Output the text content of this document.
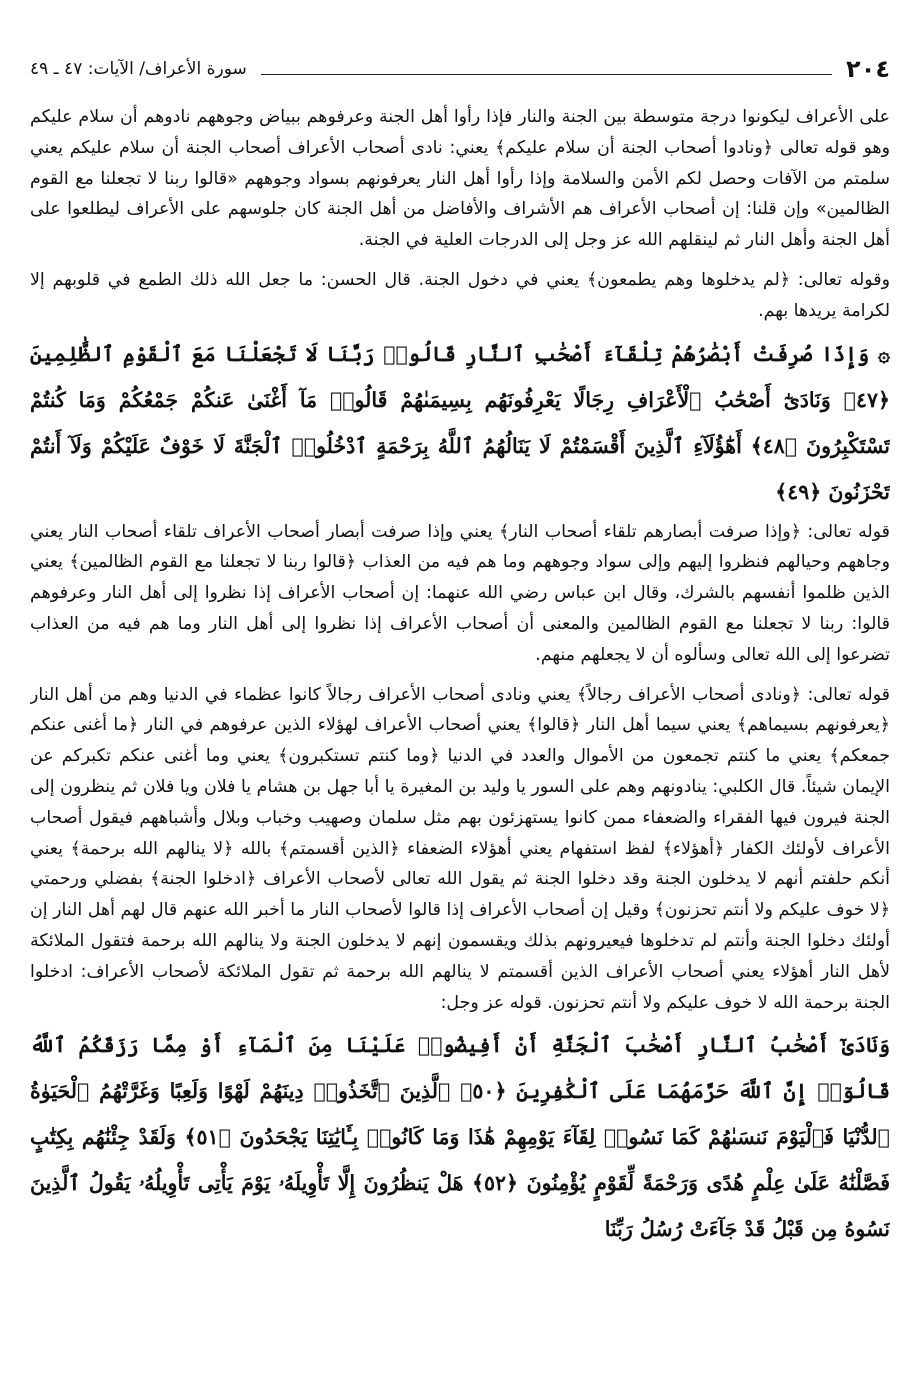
٢٠٤
سورة الأعراف/ الآيات: ٤٧ ـ ٤٩

على الأعراف ليكونوا درجة متوسطة بين الجنة والنار فإذا رأوا أهل الجنة وعرفوهم ببياض وجوههم نادوهم أن سلام عليكم وهو قوله تعالى ﴿ونادوا أصحاب الجنة أن سلام عليكم﴾ يعني: نادى أصحاب الأعراف أصحاب الجنة أن سلام عليكم يعني سلمتم من الآفات وحصل لكم الأمن والسلامة وإذا رأوا أهل النار يعرفونهم بسواد وجوههم «قالوا ربنا لا تجعلنا مع القوم الظالمين» وإن قلنا: إن أصحاب الأعراف هم الأشراف والأفاضل من أهل الجنة كان جلوسهم على الأعراف ليطلعوا على أهل الجنة وأهل النار ثم لينقلهم الله عز وجل إلى الدرجات العلية في الجنة.

وقوله تعالى: ﴿لم يدخلوها وهم يطمعون﴾ يعني في دخول الجنة. قال الحسن: ما جعل الله ذلك الطمع في قلوبهم إلا لكرامة يريدها بهم.

۞ وَإِذَا صُرِفَتْ أَبْصَٰرُهُمْ تِلْقَآءَ أَصْحَٰبِ ٱلنَّارِ قَالُوا۟ رَبَّنَا لَا تَجْعَلْنَا مَعَ ٱلْقَوْمِ ٱلظَّٰلِمِينَ ﴿٤٧﴾ وَنَادَىٰٓ أَصْحَٰبُ ٱلْأَعْرَافِ رِجَالًا يَعْرِفُونَهُم بِسِيمَىٰهُمْ قَالُوا۟ مَآ أَغْنَىٰ عَنكُمْ جَمْعُكُمْ وَمَا كُنتُمْ تَسْتَكْبِرُونَ ﴿٤٨﴾ أَهَٰٓؤُلَآءِ ٱلَّذِينَ أَقْسَمْتُمْ لَا يَنَالُهُمُ ٱللَّهُ بِرَحْمَةٍ ٱدْخُلُوا۟ ٱلْجَنَّةَ لَا خَوْفٌ عَلَيْكُمْ وَلَآ أَنتُمْ تَحْزَنُونَ ﴿٤٩﴾

قوله تعالى: ﴿وإذا صرفت أبصارهم تلقاء أصحاب النار﴾ يعني وإذا صرفت أبصار أصحاب الأعراف تلقاء أصحاب النار يعني وجاههم وحيالهم فنظروا إليهم وإلى سواد وجوههم وما هم فيه من العذاب ﴿قالوا ربنا لا تجعلنا مع القوم الظالمين﴾ يعني الذين ظلموا أنفسهم بالشرك، وقال ابن عباس رضي الله عنهما: إن أصحاب الأعراف إذا نظروا إلى أهل النار وعرفوهم قالوا: ربنا لا تجعلنا مع القوم الظالمين والمعنى أن أصحاب الأعراف إذا نظروا إلى أهل النار وما هم فيه من العذاب تضرعوا إلى الله تعالى وسألوه أن لا يجعلهم منهم.

قوله تعالى: ﴿ونادى أصحاب الأعراف رجالاً﴾ يعني ونادى أصحاب الأعراف رجالاً كانوا عظماء في الدنيا وهم من أهل النار ﴿يعرفونهم بسيماهم﴾ يعني سيما أهل النار ﴿قالوا﴾ يعني أصحاب الأعراف لهؤلاء الذين عرفوهم في النار ﴿ما أغنى عنكم جمعكم﴾ يعني ما كنتم تجمعون من الأموال والعدد في الدنيا ﴿وما كنتم تستكبرون﴾ يعني وما أغنى عنكم تكبركم عن الإيمان شيئاً. قال الكلبي: ينادونهم وهم على السور يا وليد بن المغيرة يا أبا جهل بن هشام يا فلان ويا فلان ثم ينظرون إلى الجنة فيرون فيها الفقراء والضعفاء ممن كانوا يستهزئون بهم مثل سلمان وصهيب وخباب وبلال وأشباههم فيقول أصحاب الأعراف لأولئك الكفار ﴿أهؤلاء﴾ لفظ استفهام يعني أهؤلاء الضعفاء ﴿الذين أقسمتم﴾ بالله ﴿لا ينالهم الله برحمة﴾ يعني أنكم حلفتم أنهم لا يدخلون الجنة وقد دخلوا الجنة ثم يقول الله تعالى لأصحاب الأعراف ﴿ادخلوا الجنة﴾ بفضلي ورحمتي ﴿لا خوف عليكم ولا أنتم تحزنون﴾ وقيل إن أصحاب الأعراف إذا قالوا لأصحاب النار ما أخبر الله عنهم قال لهم أهل النار إن أولئك دخلوا الجنة وأنتم لم تدخلوها فيعيرونهم بذلك ويقسمون إنهم لا يدخلون الجنة ولا ينالهم الله برحمة فتقول الملائكة لأهل النار أهؤلاء يعني أصحاب الأعراف الذين أقسمتم لا ينالهم الله برحمة ثم تقول الملائكة لأصحاب الأعراف: ادخلوا الجنة برحمة الله لا خوف عليكم ولا أنتم تحزنون. قوله عز وجل:

وَنَادَىٰٓ أَصْحَٰبُ ٱلنَّارِ أَصْحَٰبَ ٱلْجَنَّةِ أَنْ أَفِيضُوا۟ عَلَيْنَا مِنَ ٱلْمَآءِ أَوْ مِمَّا رَزَقَكُمُ ٱللَّهُ قَالُوٓا۟ إِنَّ ٱللَّهَ حَرَّمَهُمَا عَلَى ٱلْكَٰفِرِينَ ﴿٥٠﴾ ٱلَّذِينَ ٱتَّخَذُوا۟ دِينَهُمْ لَهْوًا وَلَعِبًا وَغَرَّتْهُمُ ٱلْحَيَوٰةُ ٱلدُّنْيَا فَٱلْيَوْمَ نَنسَىٰهُمْ كَمَا نَسُوا۟ لِقَآءَ يَوْمِهِمْ هَٰذَا وَمَا كَانُوا۟ بِـَٔايَٰتِنَا يَجْحَدُونَ ﴿٥١﴾ وَلَقَدْ جِئْنَٰهُم بِكِتَٰبٍ فَصَّلْنَٰهُ عَلَىٰ عِلْمٍ هُدًى وَرَحْمَةً لِّقَوْمٍ يُؤْمِنُونَ ﴿٥٢﴾ هَلْ يَنظُرُونَ إِلَّا تَأْوِيلَهُۥ يَوْمَ يَأْتِى تَأْوِيلُهُۥ يَقُولُ ٱلَّذِينَ نَسُوهُ مِن قَبْلُ قَدْ جَآءَتْ رُسُلُ رَبِّنَا
